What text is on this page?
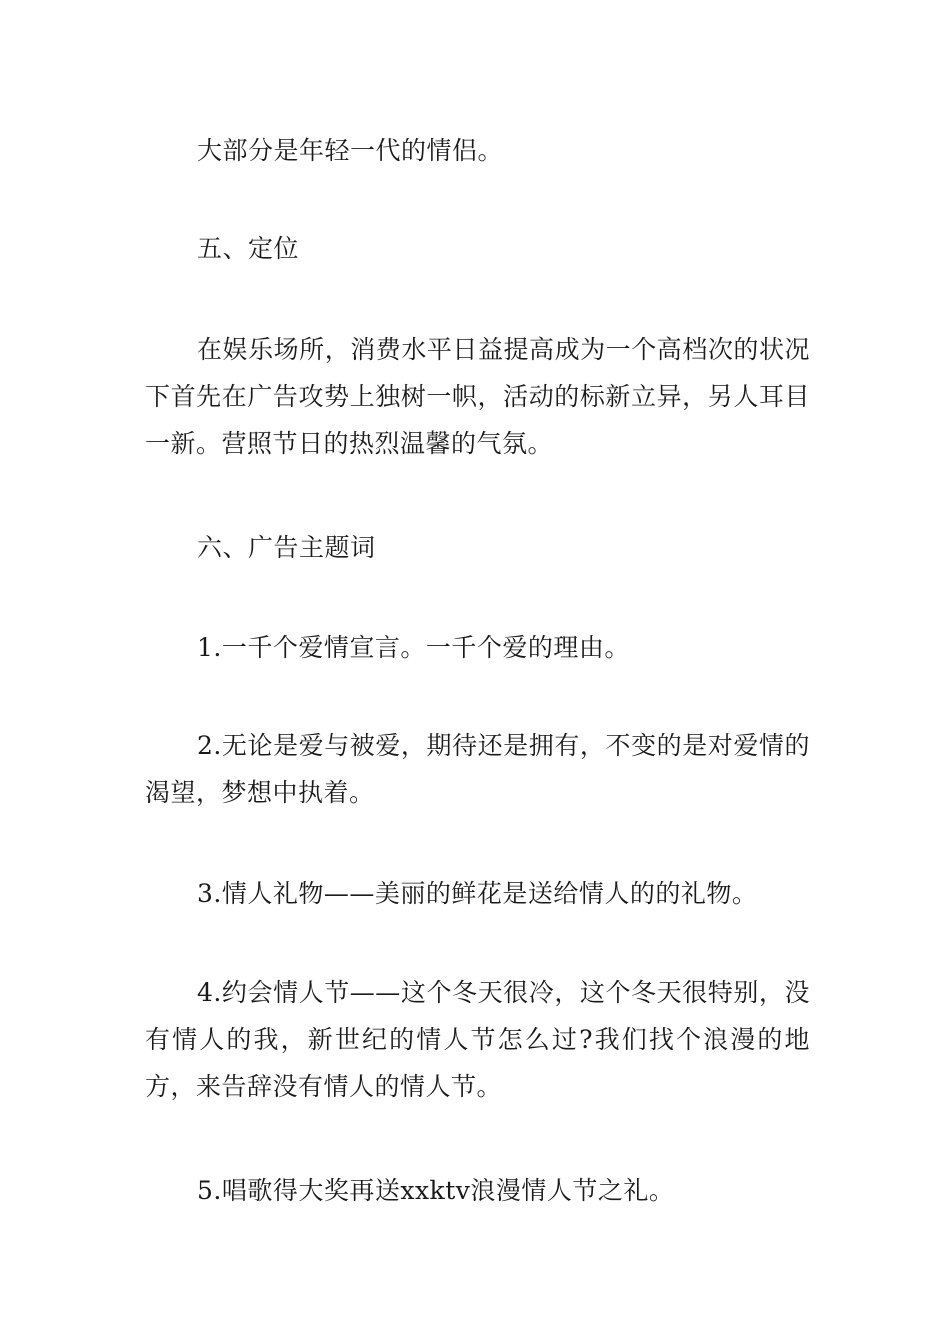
大部分是年轻一代的情侣。

五、定位

在娱乐场所，消费水平日益提高成为一个高档次的状况下首先在广告攻势上独树一帜，活动的标新立异，另人耳目一新。营照节日的热烈温馨的气氛。

六、广告主题词

1.一千个爱情宣言。一千个爱的理由。

2.无论是爱与被爱，期待还是拥有，不变的是对爱情的渴望，梦想中执着。

3.情人礼物——美丽的鲜花是送给情人的的礼物。

4.约会情人节——这个冬天很冷，这个冬天很特别，没有情人的我，新世纪的情人节怎么过?我们找个浪漫的地方，来告辞没有情人的情人节。

5.唱歌得大奖再送xxktv浪漫情人节之礼。
